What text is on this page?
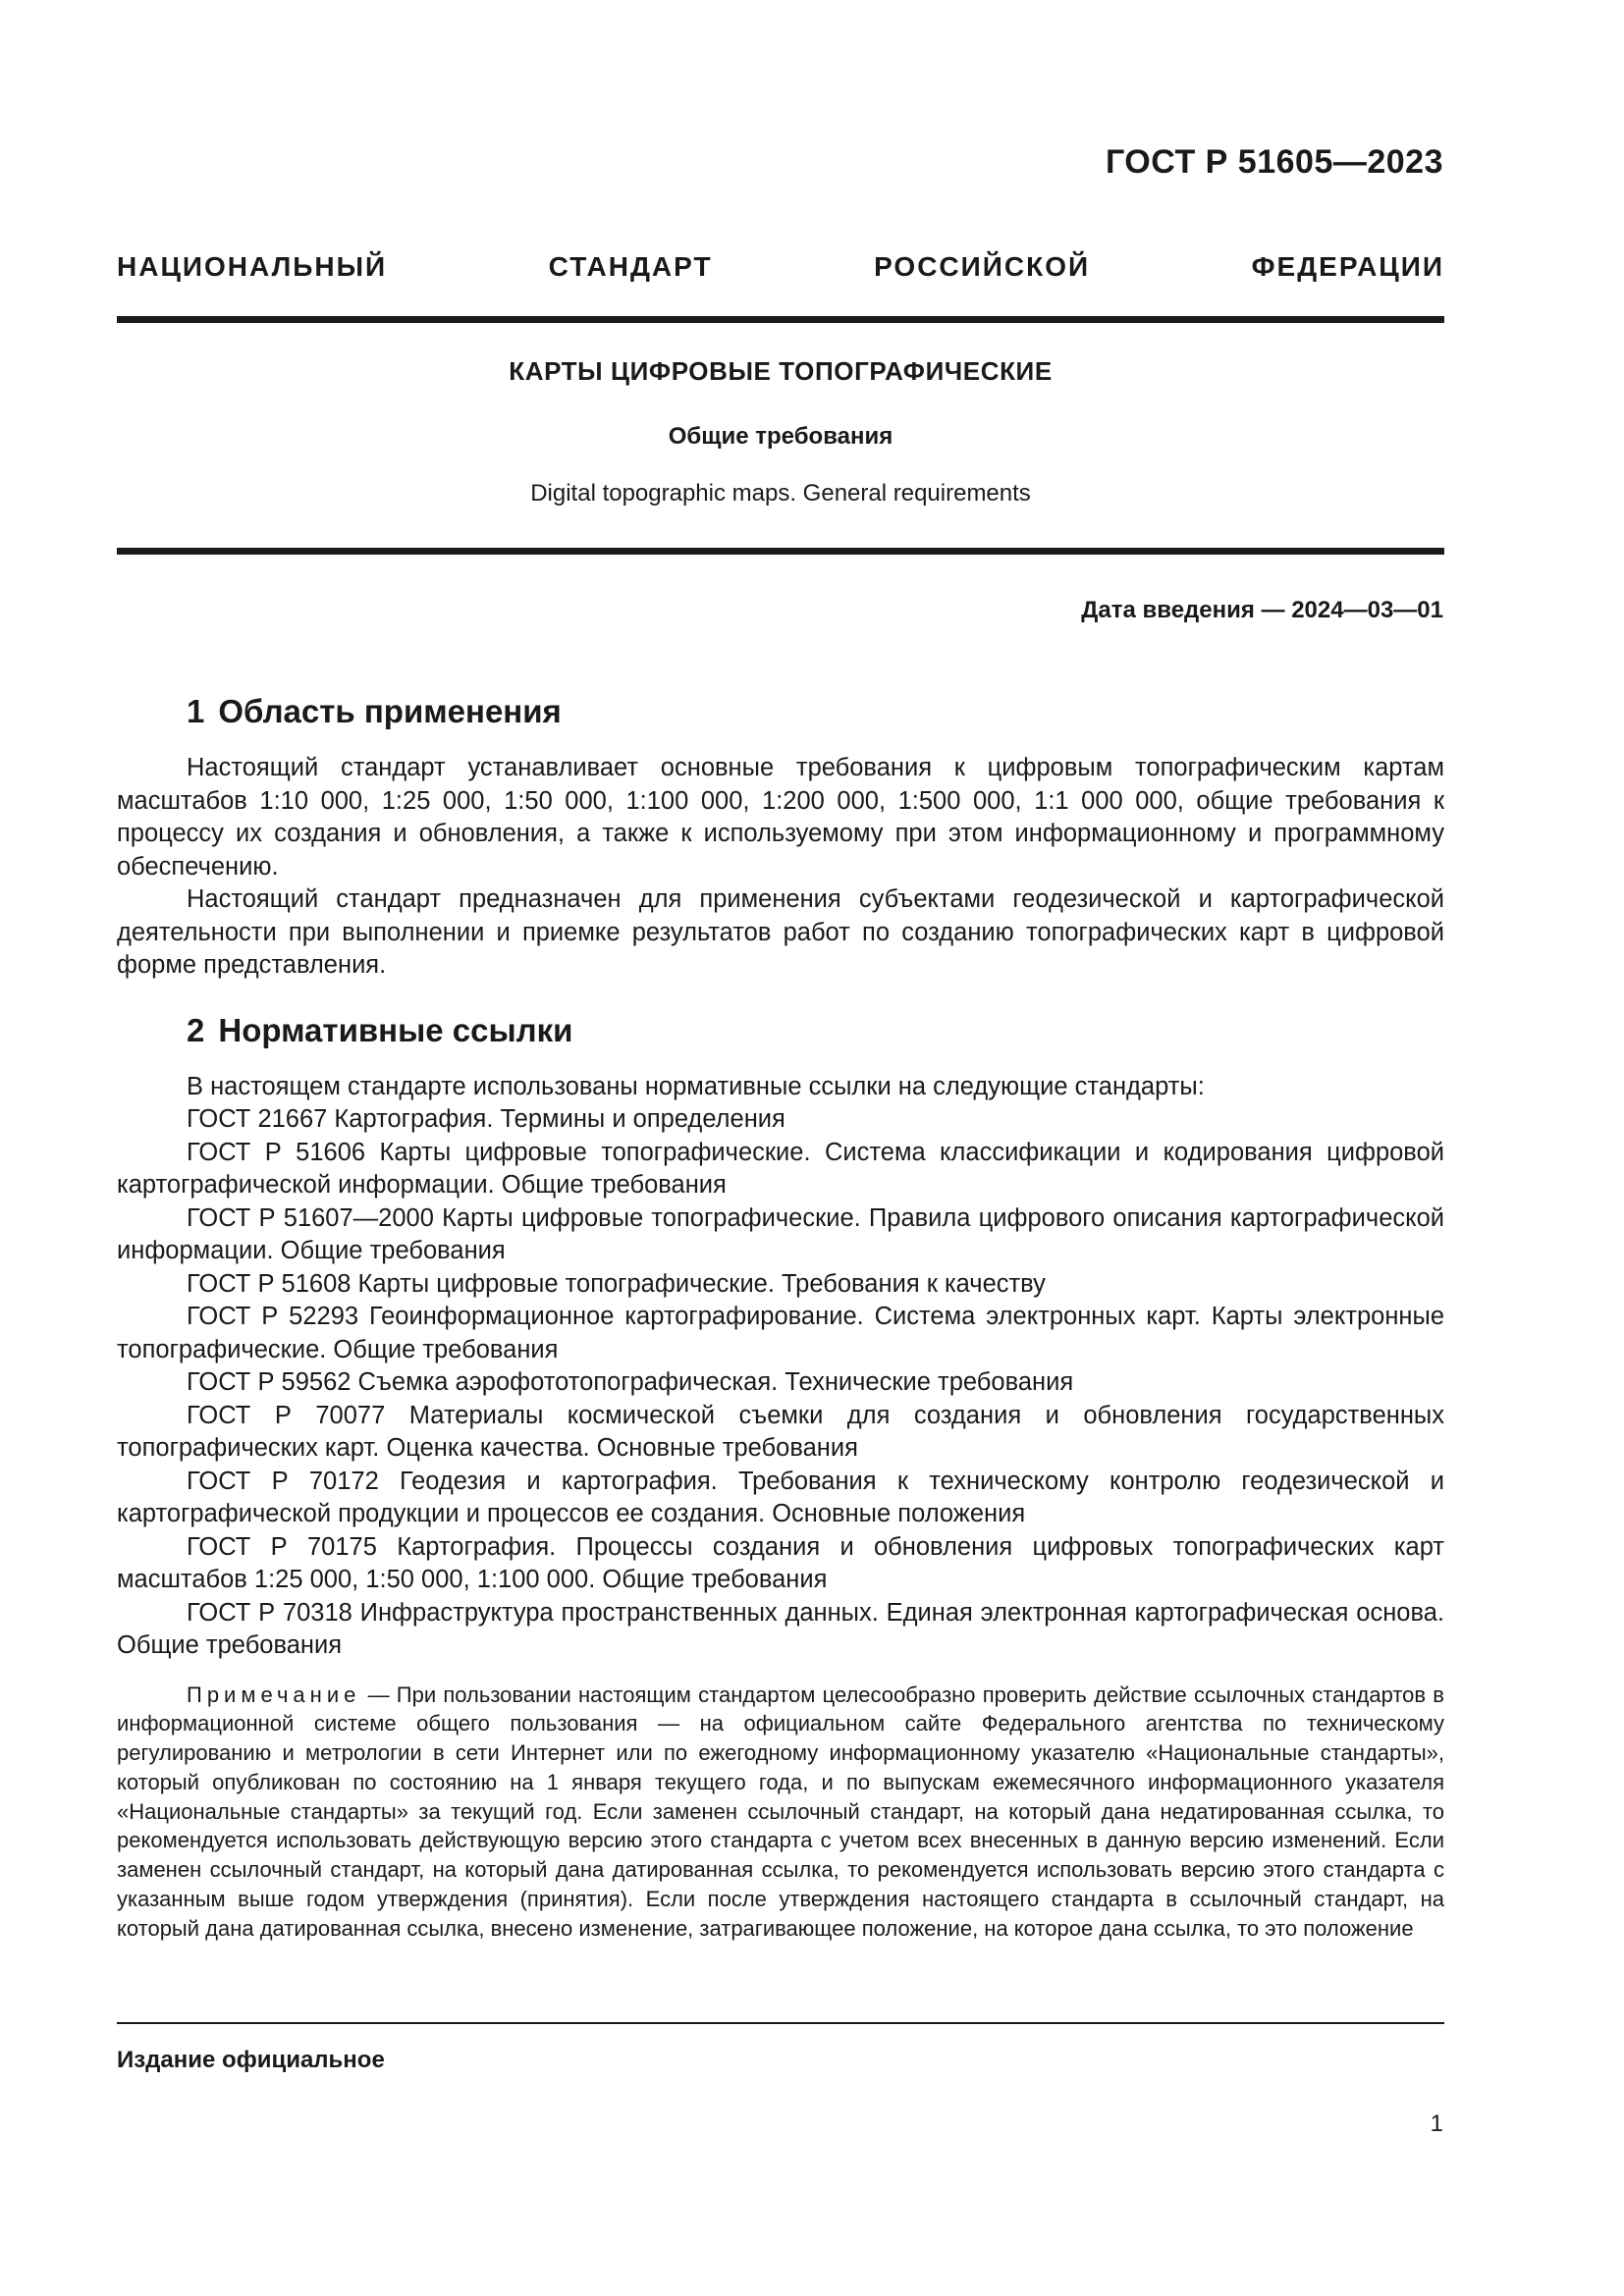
ГОСТ Р 51605—2023
НАЦИОНАЛЬНЫЙ СТАНДАРТ РОССИЙСКОЙ ФЕДЕРАЦИИ
КАРТЫ ЦИФРОВЫЕ ТОПОГРАФИЧЕСКИЕ
Общие требования
Digital topographic maps. General requirements
Дата введения — 2024—03—01
1 Область применения

Настоящий стандарт устанавливает основные требования к цифровым топографическим картам масштабов 1:10 000, 1:25 000, 1:50 000, 1:100 000, 1:200 000, 1:500 000, 1:1 000 000, общие требования к процессу их создания и обновления, а также к используемому при этом информационному и программному обеспечению.

Настоящий стандарт предназначен для применения субъектами геодезической и картографической деятельности при выполнении и приемке результатов работ по созданию топографических карт в цифровой форме представления.

2 Нормативные ссылки

В настоящем стандарте использованы нормативные ссылки на следующие стандарты:

ГОСТ 21667 Картография. Термины и определения
ГОСТ Р 51606 Карты цифровые топографические. Система классификации и кодирования цифровой картографической информации. Общие требования
ГОСТ Р 51607—2000 Карты цифровые топографические. Правила цифрового описания картографической информации. Общие требования
ГОСТ Р 51608 Карты цифровые топографические. Требования к качеству
ГОСТ Р 52293 Геоинформационное картографирование. Система электронных карт. Карты электронные топографические. Общие требования
ГОСТ Р 59562 Съемка аэрофототопографическая. Технические требования
ГОСТ Р 70077 Материалы космической съемки для создания и обновления государственных топографических карт. Оценка качества. Основные требования
ГОСТ Р 70172 Геодезия и картография. Требования к техническому контролю геодезической и картографической продукции и процессов ее создания. Основные положения
ГОСТ Р 70175 Картография. Процессы создания и обновления цифровых топографических карт масштабов 1:25 000, 1:50 000, 1:100 000. Общие требования
ГОСТ Р 70318 Инфраструктура пространственных данных. Единая электронная картографическая основа. Общие требования

Примечание — При пользовании настоящим стандартом целесообразно проверить действие ссылочных стандартов в информационной системе общего пользования — на официальном сайте Федерального агентства по техническому регулированию и метрологии в сети Интернет или по ежегодному информационному указателю «Национальные стандарты», который опубликован по состоянию на 1 января текущего года, и по выпускам ежемесячного информационного указателя «Национальные стандарты» за текущий год. Если заменен ссылочный стандарт, на который дана недатированная ссылка, то рекомендуется использовать действующую версию этого стандарта с учетом всех внесенных в данную версию изменений. Если заменен ссылочный стандарт, на который дана датированная ссылка, то рекомендуется использовать версию этого стандарта с указанным выше годом утверждения (принятия). Если после утверждения настоящего стандарта в ссылочный стандарт, на который дана датированная ссылка, внесено изменение, затрагивающее положение, на которое дана ссылка, то это положение

Издание официальное
1
